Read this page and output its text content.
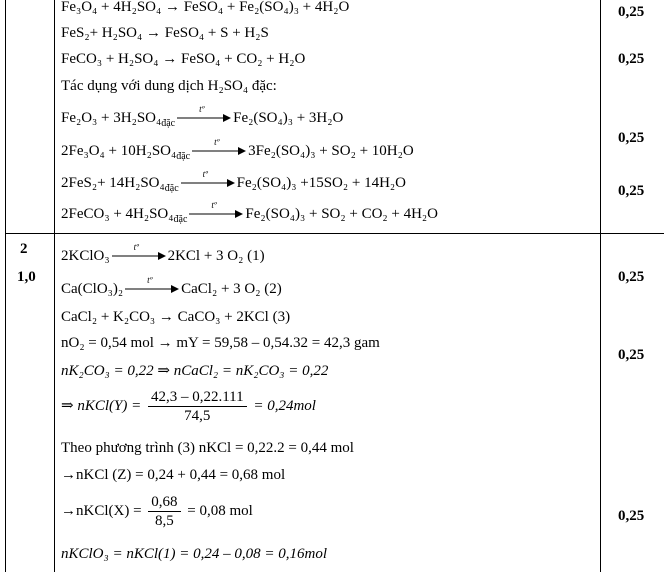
Fe₃O₄ + 4H₂SO₄ → FeSO₄ + Fe₂(SO₄)₃ + 4H₂O
FeS₂+ H₂SO₄ → FeSO₄ + S + H₂S
FeCO₃ + H₂SO₄ → FeSO₄ + CO₂ + H₂O
Tác dụng với dung dịch H₂SO₄ đặc:
$Fe_2O_3 + 3H_2SO_4_{đặc}$
tº
Fe₂(SO₄)₃ + 3H₂O
$2Fe_3O_4 + 10H_2SO_4_{đặc}$
tº
3Fe₂(SO₄)₃ + SO₂ + 10H₂O
$2FeS_2+ 14H_2SO_4_{đặc}$
tº
Fe₂(SO₄)₃ +15SO₂ + 14H₂O
2FeCO₃ + $4H_2SO_4_{đặc}$
tº
Fe₂(SO₄)₃ + SO₂ + CO₂ + 4H₂O
0,25
0,25
0,25
0,25
2
1,0
2KClO₃
tº
2KCl + 3 O₂ (1)
Ca(ClO₃)₂
tº
CaCl₂ + 3 O₂ (2)
CaCl₂ + K₂CO₃ → CaCO₃ + 2KCl (3)
nO₂ = 0,54 mol → mY = 59,58 – 0,54.32 = 42,3 gam
nK₂CO₃ = 0,22 ⇒ nCaCl₂ = nK₂CO₃ = 0,22
⇒ nKCl(Y) = $\frac{42,3 - 0,22.111}{74,5} = 0,24mol$
Theo phương trình (3) nKCl = 0,22.2 = 0,44 mol
→nKCl (Z) = 0,24 + 0,44 = 0,68 mol
→nKCl(X) = $\frac{0,68}{8,5} = 0,08$ mol
nKClO₃ = nKCl(1) = 0,24 – 0,08 = 0,16mol
0,25
0,25
0,25
